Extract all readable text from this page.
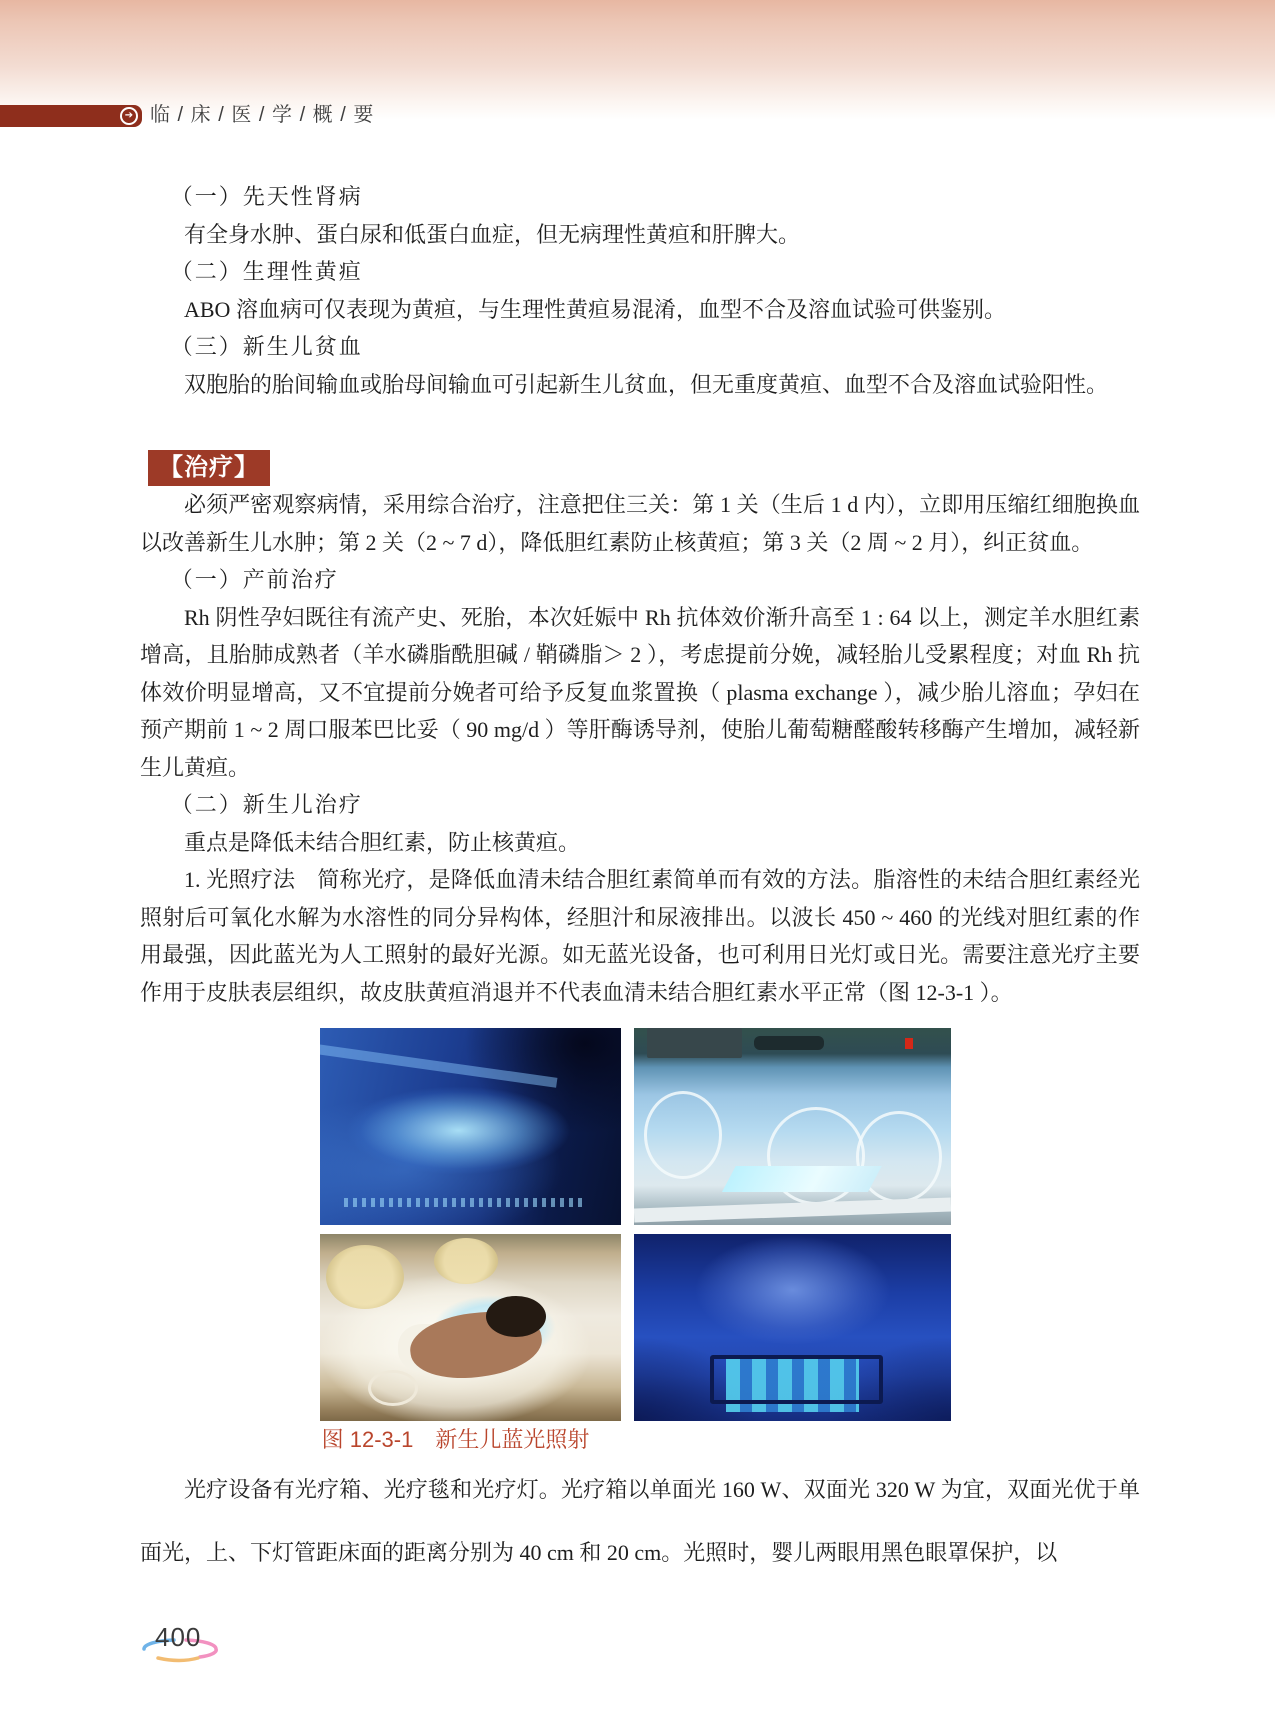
➔ 临 / 床 / 医 / 学 / 概 / 要
（一）先天性肾病

有全身水肿、蛋白尿和低蛋白血症，但无病理性黄疸和肝脾大。

（二）生理性黄疸

ABO 溶血病可仅表现为黄疸，与生理性黄疸易混淆，血型不合及溶血试验可供鉴别。

（三）新生儿贫血

双胞胎的胎间输血或胎母间输血可引起新生儿贫血，但无重度黄疸、血型不合及溶血试验阳性。

【治疗】

必须严密观察病情，采用综合治疗，注意把住三关：第 1 关（生后 1 d 内），立即用压缩红细胞换血以改善新生儿水肿；第 2 关（2 ~ 7 d），降低胆红素防止核黄疸；第 3 关（2 周 ~ 2 月），纠正贫血。

（一）产前治疗

Rh 阴性孕妇既往有流产史、死胎，本次妊娠中 Rh 抗体效价渐升高至 1 : 64 以上，测定羊水胆红素增高，且胎肺成熟者（羊水磷脂酰胆碱 / 鞘磷脂＞ 2 ），考虑提前分娩，减轻胎儿受累程度；对血 Rh 抗体效价明显增高，又不宜提前分娩者可给予反复血浆置换（ plasma exchange ），减少胎儿溶血；孕妇在预产期前 1 ~ 2 周口服苯巴比妥（ 90 mg/d ）等肝酶诱导剂，使胎儿葡萄糖醛酸转移酶产生增加，减轻新生儿黄疸。

（二）新生儿治疗

重点是降低未结合胆红素，防止核黄疸。

1. 光照疗法　简称光疗，是降低血清未结合胆红素简单而有效的方法。脂溶性的未结合胆红素经光照射后可氧化水解为水溶性的同分异构体，经胆汁和尿液排出。以波长 450 ~ 460 的光线对胆红素的作用最强，因此蓝光为人工照射的最好光源。如无蓝光设备，也可利用日光灯或日光。需要注意光疗主要作用于皮肤表层组织，故皮肤黄疸消退并不代表血清未结合胆红素水平正常（图 12-3-1 ）。

图 12-3-1　新生儿蓝光照射

光疗设备有光疗箱、光疗毯和光疗灯。光疗箱以单面光 160 W、双面光 320 W 为宜，双面光优于单面光，上、下灯管距床面的距离分别为 40 cm 和 20 cm。光照时，婴儿两眼用黑色眼罩保护，以

400
